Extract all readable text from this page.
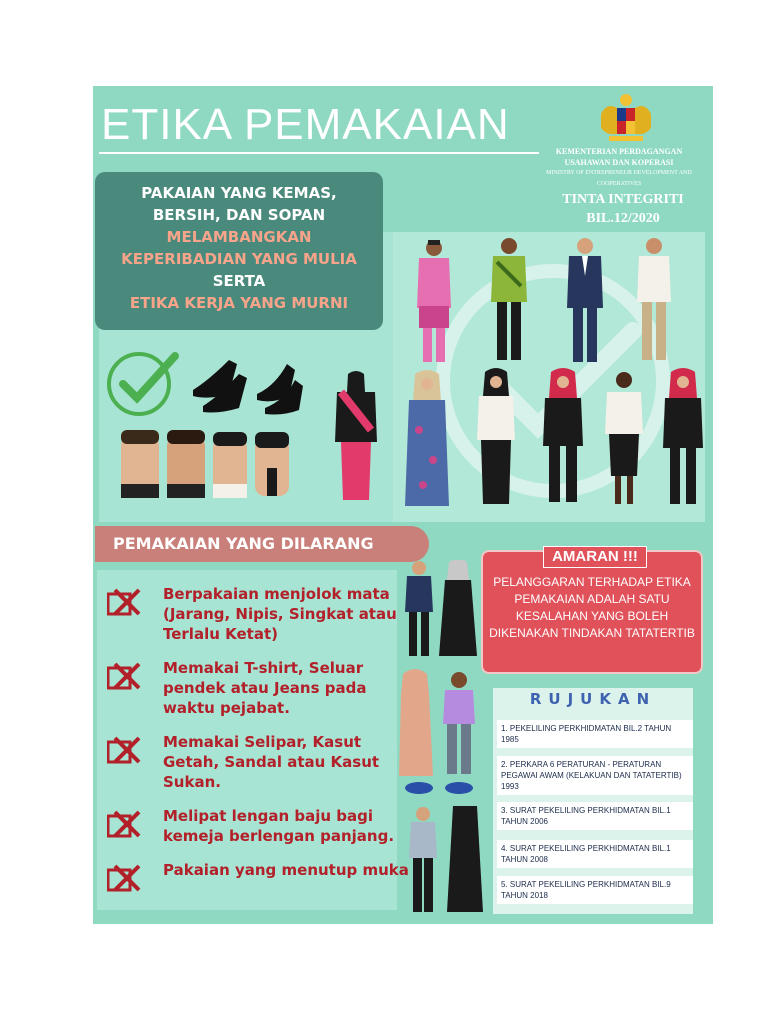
ETIKA PEMAKAIAN
KEMENTERIAN PERDAGANGAN
USAHAWAN DAN KOPERASI
MINISTRY OF ENTREPRENEUR DEVELOPMENT AND COOPERATIVES
TINTA INTEGRITI
BIL.12/2020
PAKAIAN YANG KEMAS,
BERSIH, DAN SOPAN
MELAMBANGKAN
KEPERIBADIAN YANG MULIA
SERTA
ETIKA KERJA YANG MURNI
PEMAKAIAN YANG DILARANG
Berpakaian menjolok mata (Jarang, Nipis, Singkat atau Terlalu Ketat)
Memakai T-shirt, Seluar pendek atau Jeans pada waktu pejabat.
Memakai Selipar, Kasut Getah, Sandal atau Kasut Sukan.
Melipat lengan baju bagi kemeja berlengan panjang.
Pakaian yang menutup muka
AMARAN !!!
PELANGGARAN TERHADAP ETIKA PEMAKAIAN ADALAH SATU KESALAHAN YANG BOLEH DIKENAKAN TINDAKAN TATATERTIB
RUJUKAN
1. PEKELILING PERKHIDMATAN BIL.2 TAHUN 1985
2. PERKARA 6 PERATURAN - PERATURAN PEGAWAI AWAM (KELAKUAN DAN TATATERTIB) 1993
3. SURAT PEKELILING PERKHIDMATAN BIL.1 TAHUN 2006
4. SURAT PEKELILING PERKHIDMATAN BIL.1 TAHUN 2008
5. SURAT PEKELILING PERKHIDMATAN BIL.9 TAHUN 2018
